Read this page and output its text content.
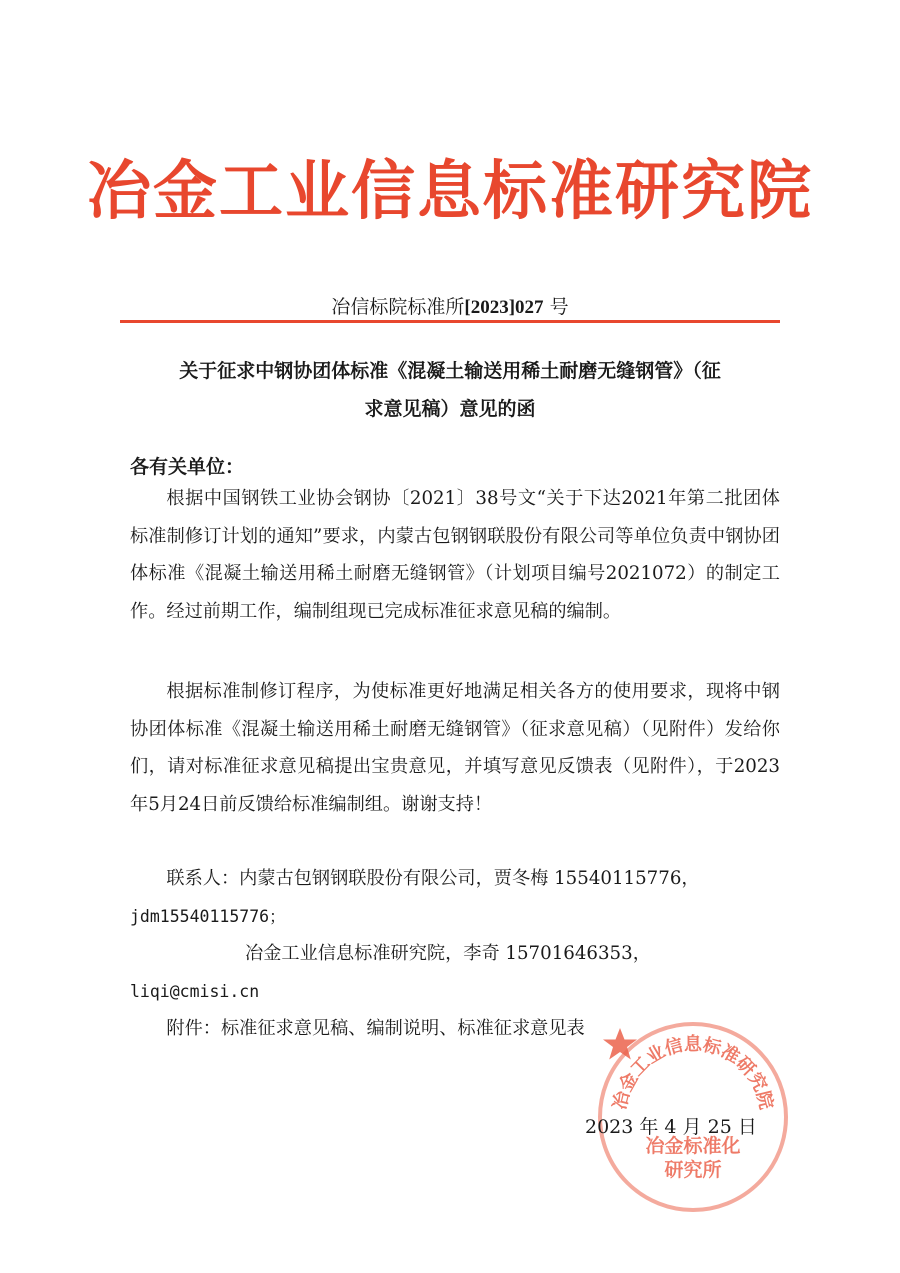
冶金工业信息标准研究院
冶信标院标准所[2023]027 号
关于征求中钢协团体标准《混凝土输送用稀土耐磨无缝钢管》（征
求意见稿）意见的函
各有关单位：
根据中国钢铁工业协会钢协〔2021〕38号文“关于下达2021年第二批团体标准制修订计划的通知”要求，内蒙古包钢钢联股份有限公司等单位负责中钢协团体标准《混凝土输送用稀土耐磨无缝钢管》（计划项目编号2021072）的制定工作。经过前期工作，编制组现已完成标准征求意见稿的编制。
根据标准制修订程序，为使标准更好地满足相关各方的使用要求，现将中钢协团体标准《混凝土输送用稀土耐磨无缝钢管》（征求意见稿）（见附件）发给你们，请对标准征求意见稿提出宝贵意见，并填写意见反馈表（见附件），于2023年5月24日前反馈给标准编制组。谢谢支持！
联系人：内蒙古包钢钢联股份有限公司，贾冬梅 15540115776，
jdm15540115776；
冶金工业信息标准研究院，李奇 15701646353，
liqi@cmisi.cn
附件：标准征求意见稿、编制说明、标准征求意见表
冶金工业信息标准研究院
冶金标准化
研究所
2023 年 4 月 25 日
